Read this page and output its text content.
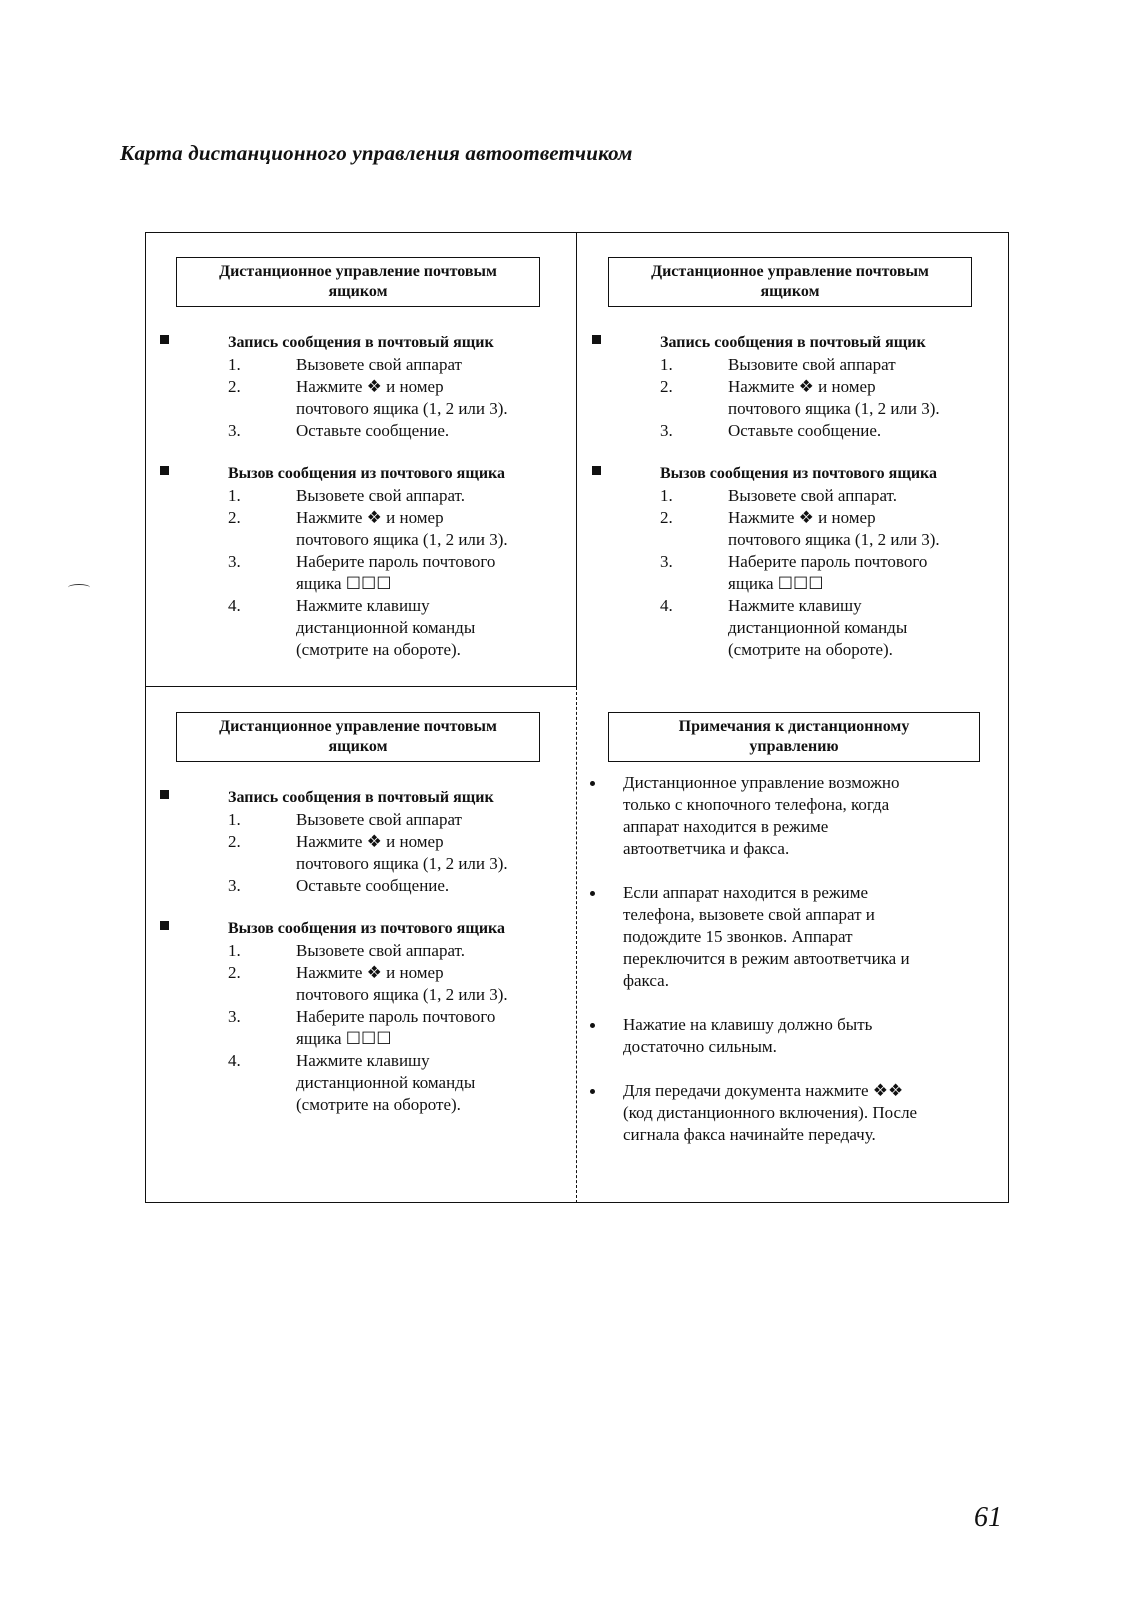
Карта дистанционного управления автоответчиком
Дистанционное управление почтовым
ящиком
Запись сообщения в почтовый ящик
1.	Вызовете свой аппарат
2.	Нажмите ❖ и номер
почтового ящика (1, 2 или 3).
3.	Оставьте сообщение.
Вызов сообщения из почтового ящика
1.	Вызовете свой аппарат.
2.	Нажмите ❖ и номер
почтового ящика (1, 2 или 3).
3.	Наберите пароль почтового
ящика ☐☐☐
4.	Нажмите клавишу
дистанционной команды
(смотрите на обороте).
Дистанционное управление почтовым
ящиком
Запись сообщения в почтовый ящик
1.	Вызовите свой аппарат
2.	Нажмите ❖ и номер
почтового ящика (1, 2 или 3).
3.	Оставьте сообщение.
Вызов сообщения из почтового ящика
1.	Вызовете свой аппарат.
2.	Нажмите ❖ и номер
почтового ящика (1, 2 или 3).
3.	Наберите пароль почтового
ящика ☐☐☐
4.	Нажмите клавишу
дистанционной команды
(смотрите на обороте).
Дистанционное управление почтовым
ящиком
Запись сообщения в почтовый ящик
1.	Вызовете свой аппарат
2.	Нажмите ❖ и номер
почтового ящика (1, 2 или 3).
3.	Оставьте сообщение.
Вызов сообщения из почтового ящика
1.	Вызовете свой аппарат.
2.	Нажмите ❖ и номер
почтового ящика (1, 2 или 3).
3.	Наберите пароль почтового
ящика ☐☐☐
4.	Нажмите клавишу
дистанционной команды
(смотрите на обороте).
Примечания к дистанционному
управлению
Дистанционное управление возможно
только с кнопочного телефона, когда
аппарат находится в режиме
автоответчика и факса.
Если аппарат находится в режиме
телефона, вызовете свой аппарат и
подождите 15 звонков. Аппарат
переключится в режим автоответчика и
факса.
Нажатие на клавишу должно быть
достаточно сильным.
Для передачи документа нажмите ❖❖
(код дистанционного включения). После
сигнала факса начинайте передачу.
61
